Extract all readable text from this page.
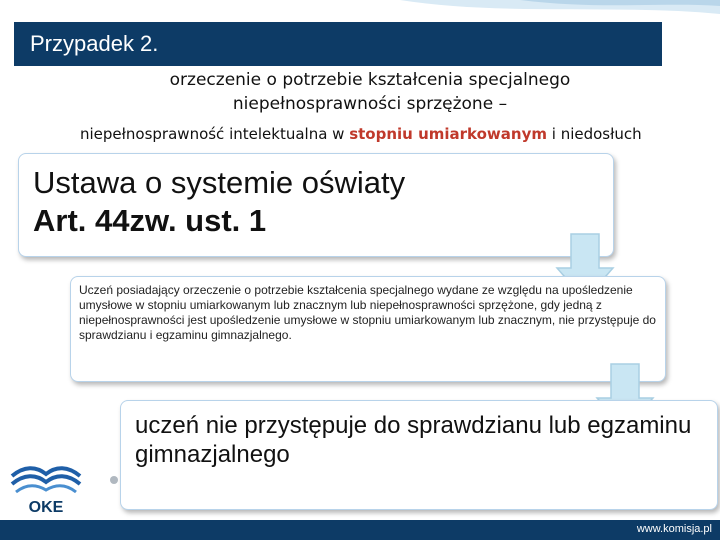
Przypadek 2.
orzeczenie o potrzebie kształcenia specjalnego
niepełnosprawności sprzężone –
niepełnosprawność intelektualna w stopniu umiarkowanym i niedosłuch
Ustawa o systemie oświaty
Art. 44zw. ust. 1
Uczeń posiadający orzeczenie o potrzebie kształcenia specjalnego wydane ze względu na upośledzenie umysłowe w stopniu umiarkowanym lub znacznym lub niepełnosprawności sprzężone, gdy jedną z niepełnosprawności jest upośledzenie umysłowe w stopniu umiarkowanym lub znacznym, nie przystępuje do sprawdzianu i egzaminu gimnazjalnego.
uczeń nie przystępuje do sprawdzianu lub egzaminu gimnazjalnego
OKE
www.komisja.pl
